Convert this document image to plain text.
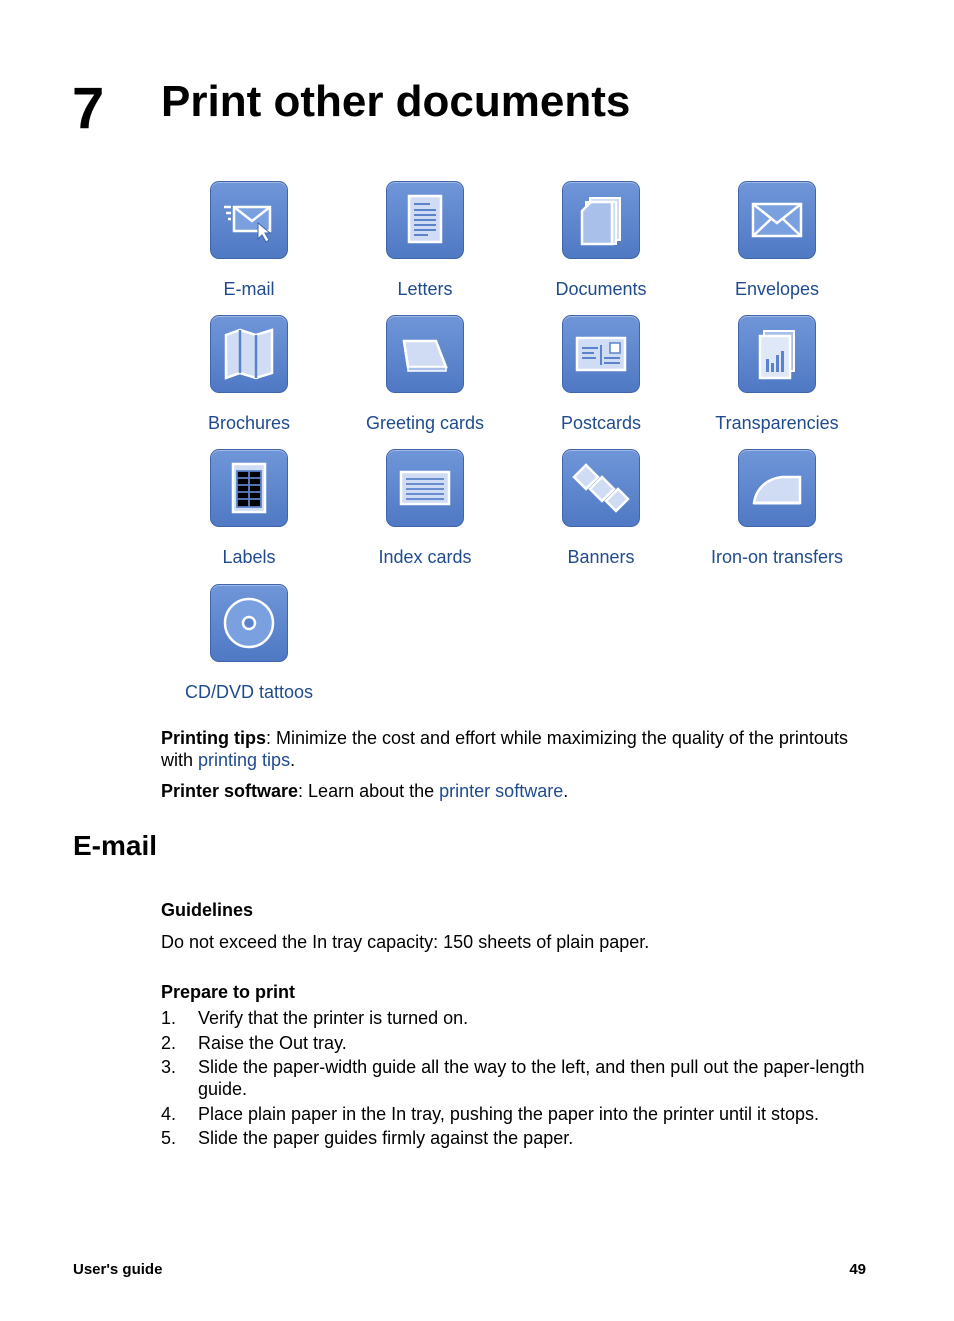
7 Print other documents
E-mail	Letters	Documents	Envelopes
Brochures	Greeting cards	Postcards	Transparencies
Labels	Index cards	Banners	Iron-on transfers
CD/DVD tattoos

Printing tips: Minimize the cost and effort while maximizing the quality of the printouts with printing tips.

Printer software: Learn about the printer software.

E-mail
Guidelines

Do not exceed the In tray capacity: 150 sheets of plain paper.

Prepare to print
1.	Verify that the printer is turned on.
2.	Raise the Out tray.
3.	Slide the paper-width guide all the way to the left, and then pull out the paper-length guide.
4.	Place plain paper in the In tray, pushing the paper into the printer until it stops.
5.	Slide the paper guides firmly against the paper.
User's guide	49
